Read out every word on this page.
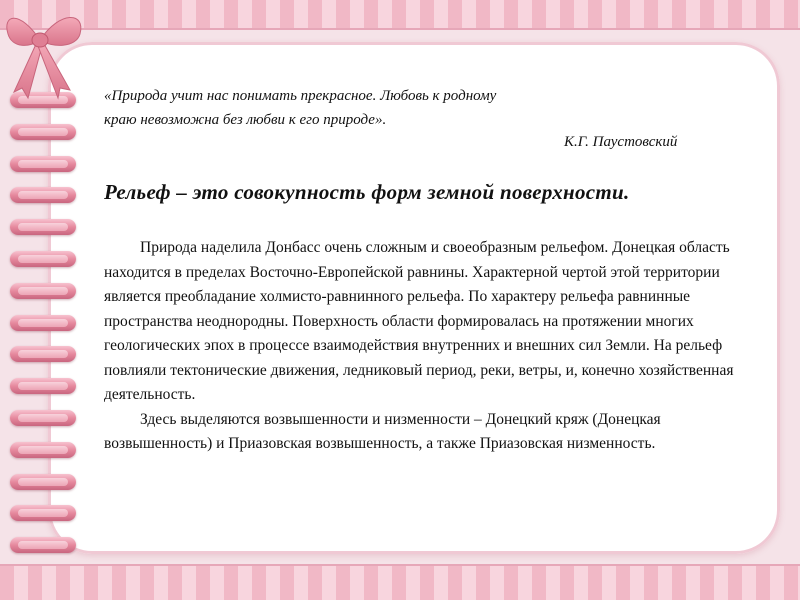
«Природа учит нас понимать прекрасное. Любовь к родному

краю невозможна без любви к его природе».

К.Г. Паустовский

Рельеф – это совокупность форм земной поверхности.

Природа наделила Донбасс очень сложным и своеобразным рельефом. Донецкая область находится в пределах Восточно-Европейской равнины. Характерной чертой этой территории является преобладание холмисто-равнинного рельефа. По характеру рельефа равнинные пространства неоднородны. Поверхность области формировалась на протяжении многих геологических эпох в процессе взаимодействия внутренних и внешних сил Земли. На рельеф повлияли тектонические движения, ледниковый период, реки, ветры, и, конечно хозяйственная деятельность.

Здесь выделяются возвышенности и низменности – Донецкий кряж (Донецкая возвышенность) и Приазовская возвышенность, а также Приазовская низменность.
